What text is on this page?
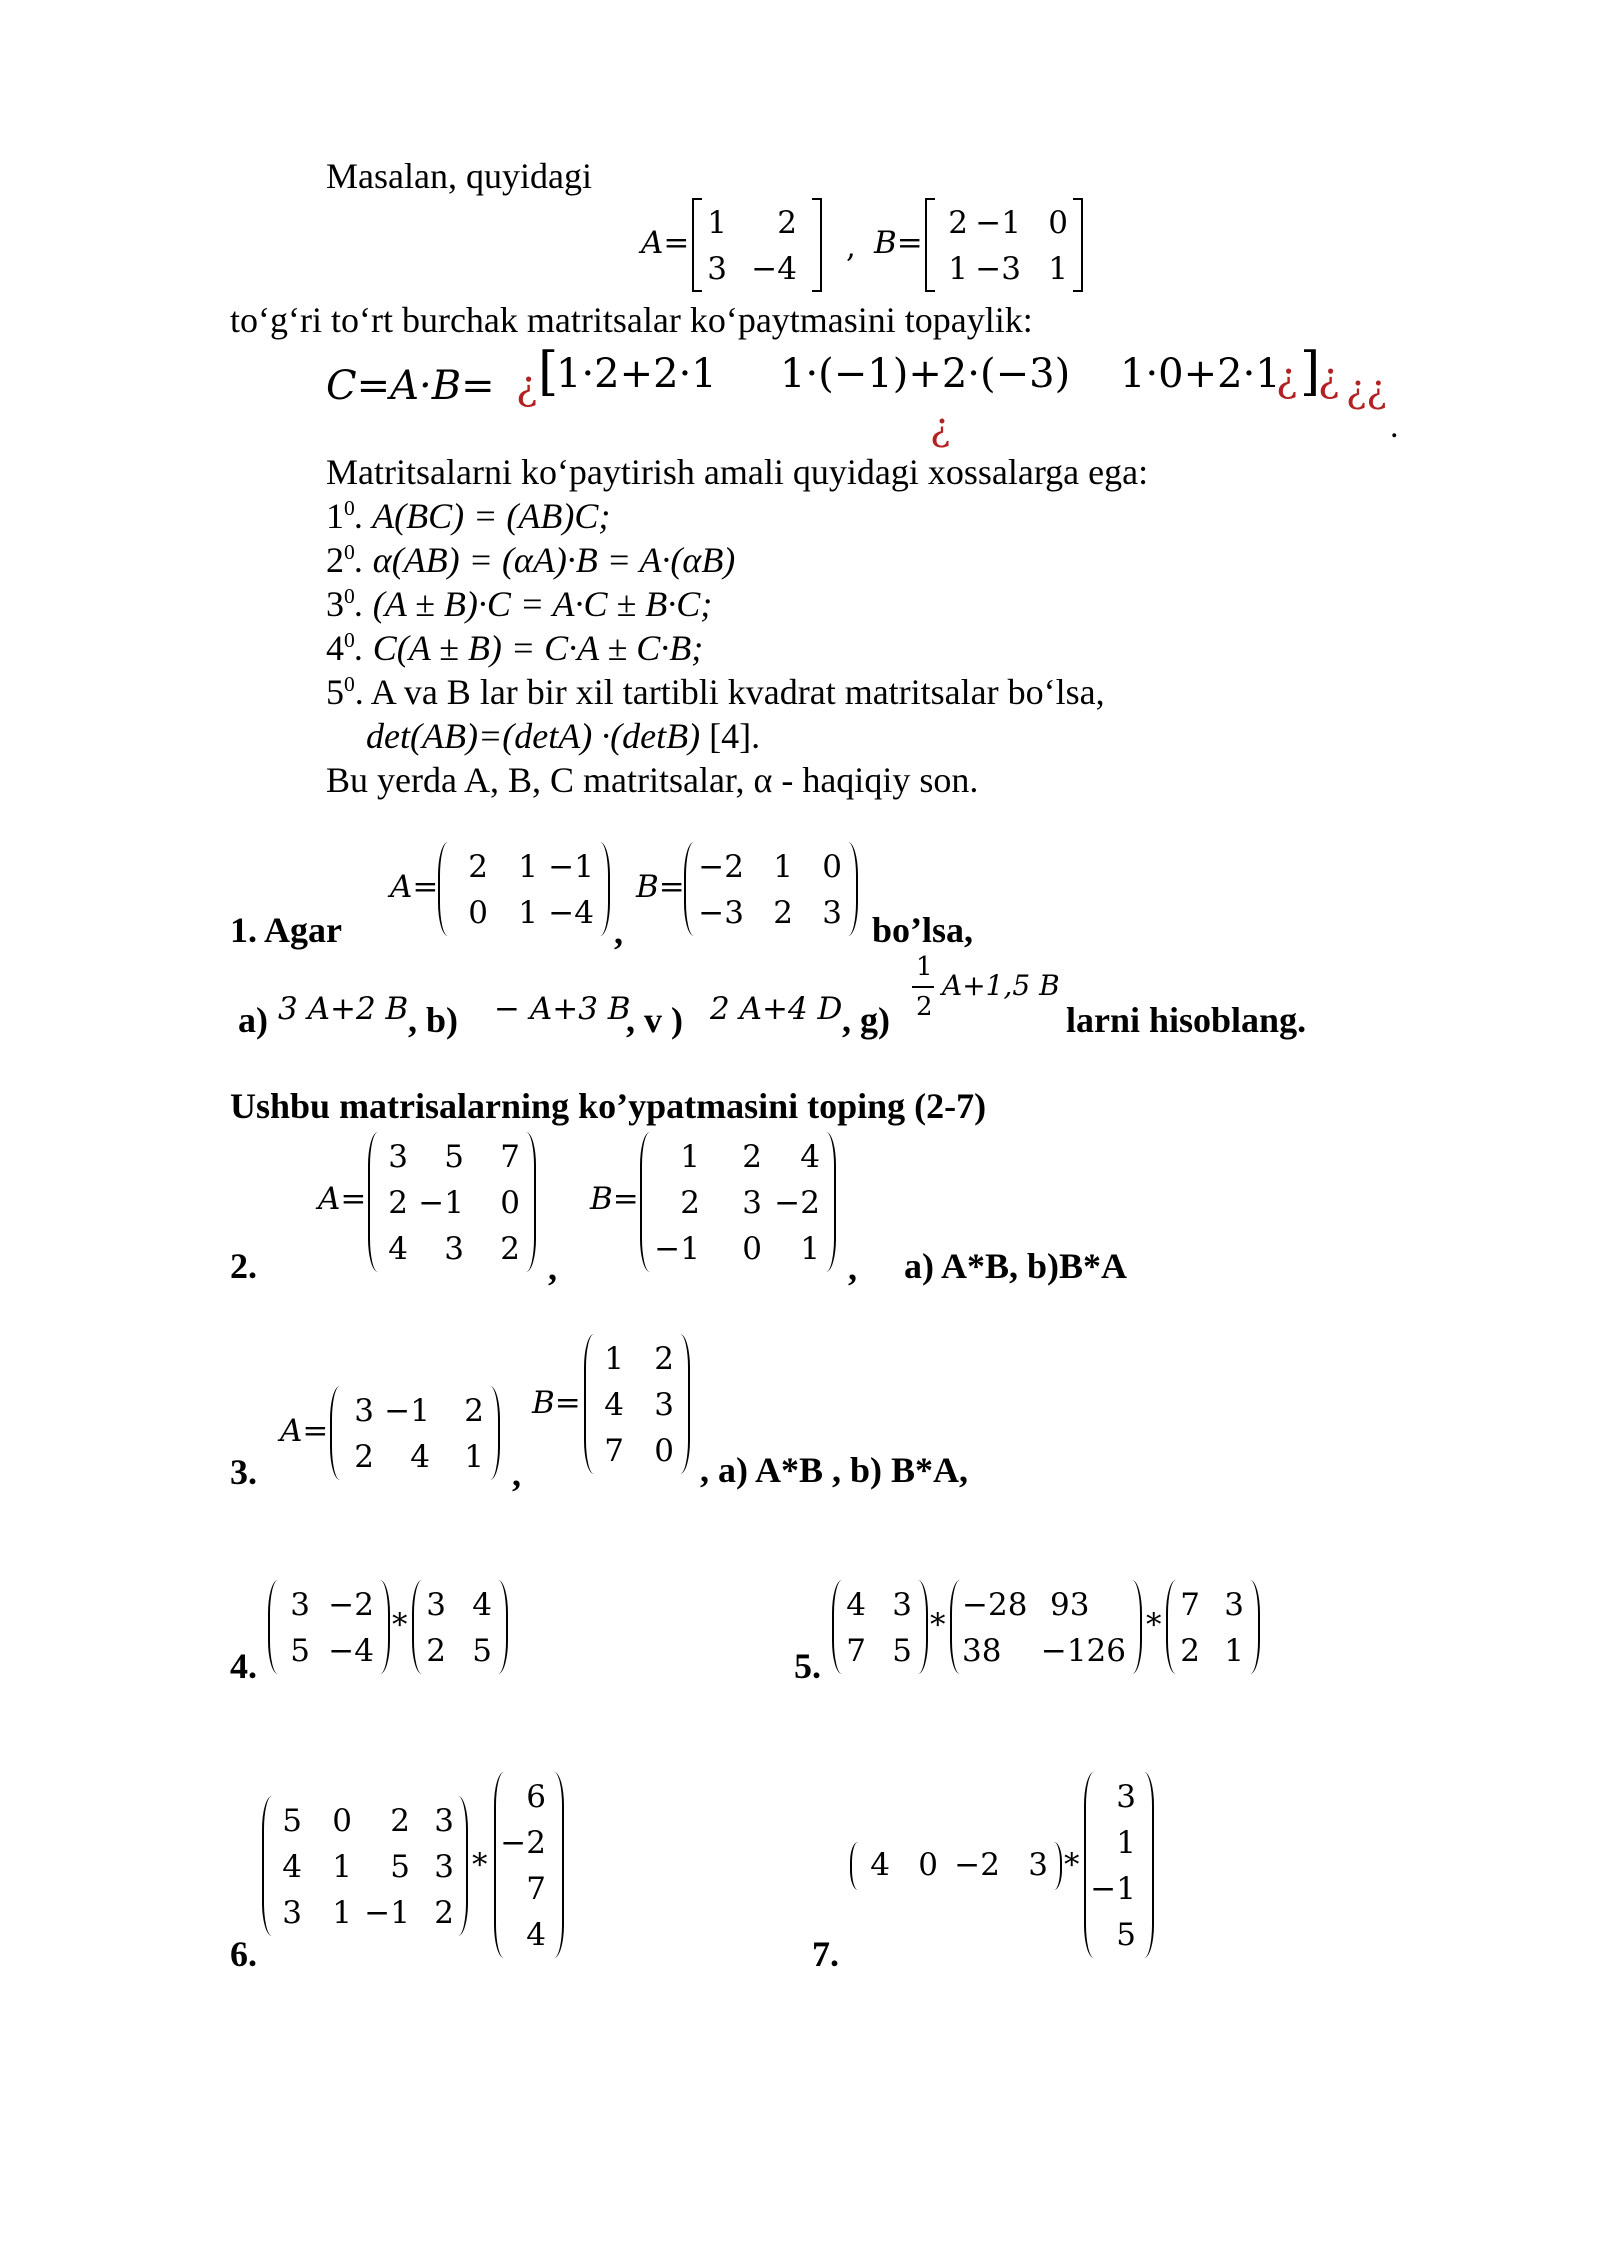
Masalan, quyidagi
A=
1 2
3 −4
, B=
2 −1 0
1 −3 1
to‘g‘ri to‘rt burchak matritsalar ko‘paytmasini topaylik:
C=A·B= ¿ [
1·2+2·1 1·(−1)+2·(−3) 1·0+2·1
¿ ]
¿ ¿¿
¿	.
Matritsalarni ko‘paytirish amali quyidagi xossalarga ega:
$1^0$. A(BC) = (AB)C;
$2^0$. α(AB) = (αA)·B = A·(αB)
$3^0$. (A ± B)·C = A·C ± B·C;
$4^0$. C(A ± B) = C·A ± C·B;
$5^0$. A va B lar bir xil tartibli kvadrat matritsalar bo‘lsa,
det(AB)=(detA) ·(detB) [4].
Bu yerda A, B, C matritsalar, α - haqiqiy son.
1. Agar
A=
2 1 −1
0 1 −4 ,
B=
−2 1 0
−3 2 3 bo’lsa,
a) 3 A+2 B , b) − A+3 B
, v ) 2 A+4 D , g)
1
2
A+1,5 B
larni hisoblang.
Ushbu matrisalarning ko’ypatmasini toping (2-7)
2.
A=
3 5 7
2 −1 0
4 3 2 ,
B=
1 2 4
2 3 −2
−1 0 1 , a) A*B, b)B*A
3.
A=
3 −1 2
2 4 1 ,
B=
1 2
4 3
7 0 , a) A*B , b) B*A,
4.
3 −2
5 −4
*
3 4
2 5	5.
4 3
7 5
*
−28 93
38 −126
*
7 3
2 1
6.
5 0 2 3
4 1 5 3
3 1 −1 2
*
6
−2
7
4	7.
4 0 −2 3 *
3
1
−1
5
